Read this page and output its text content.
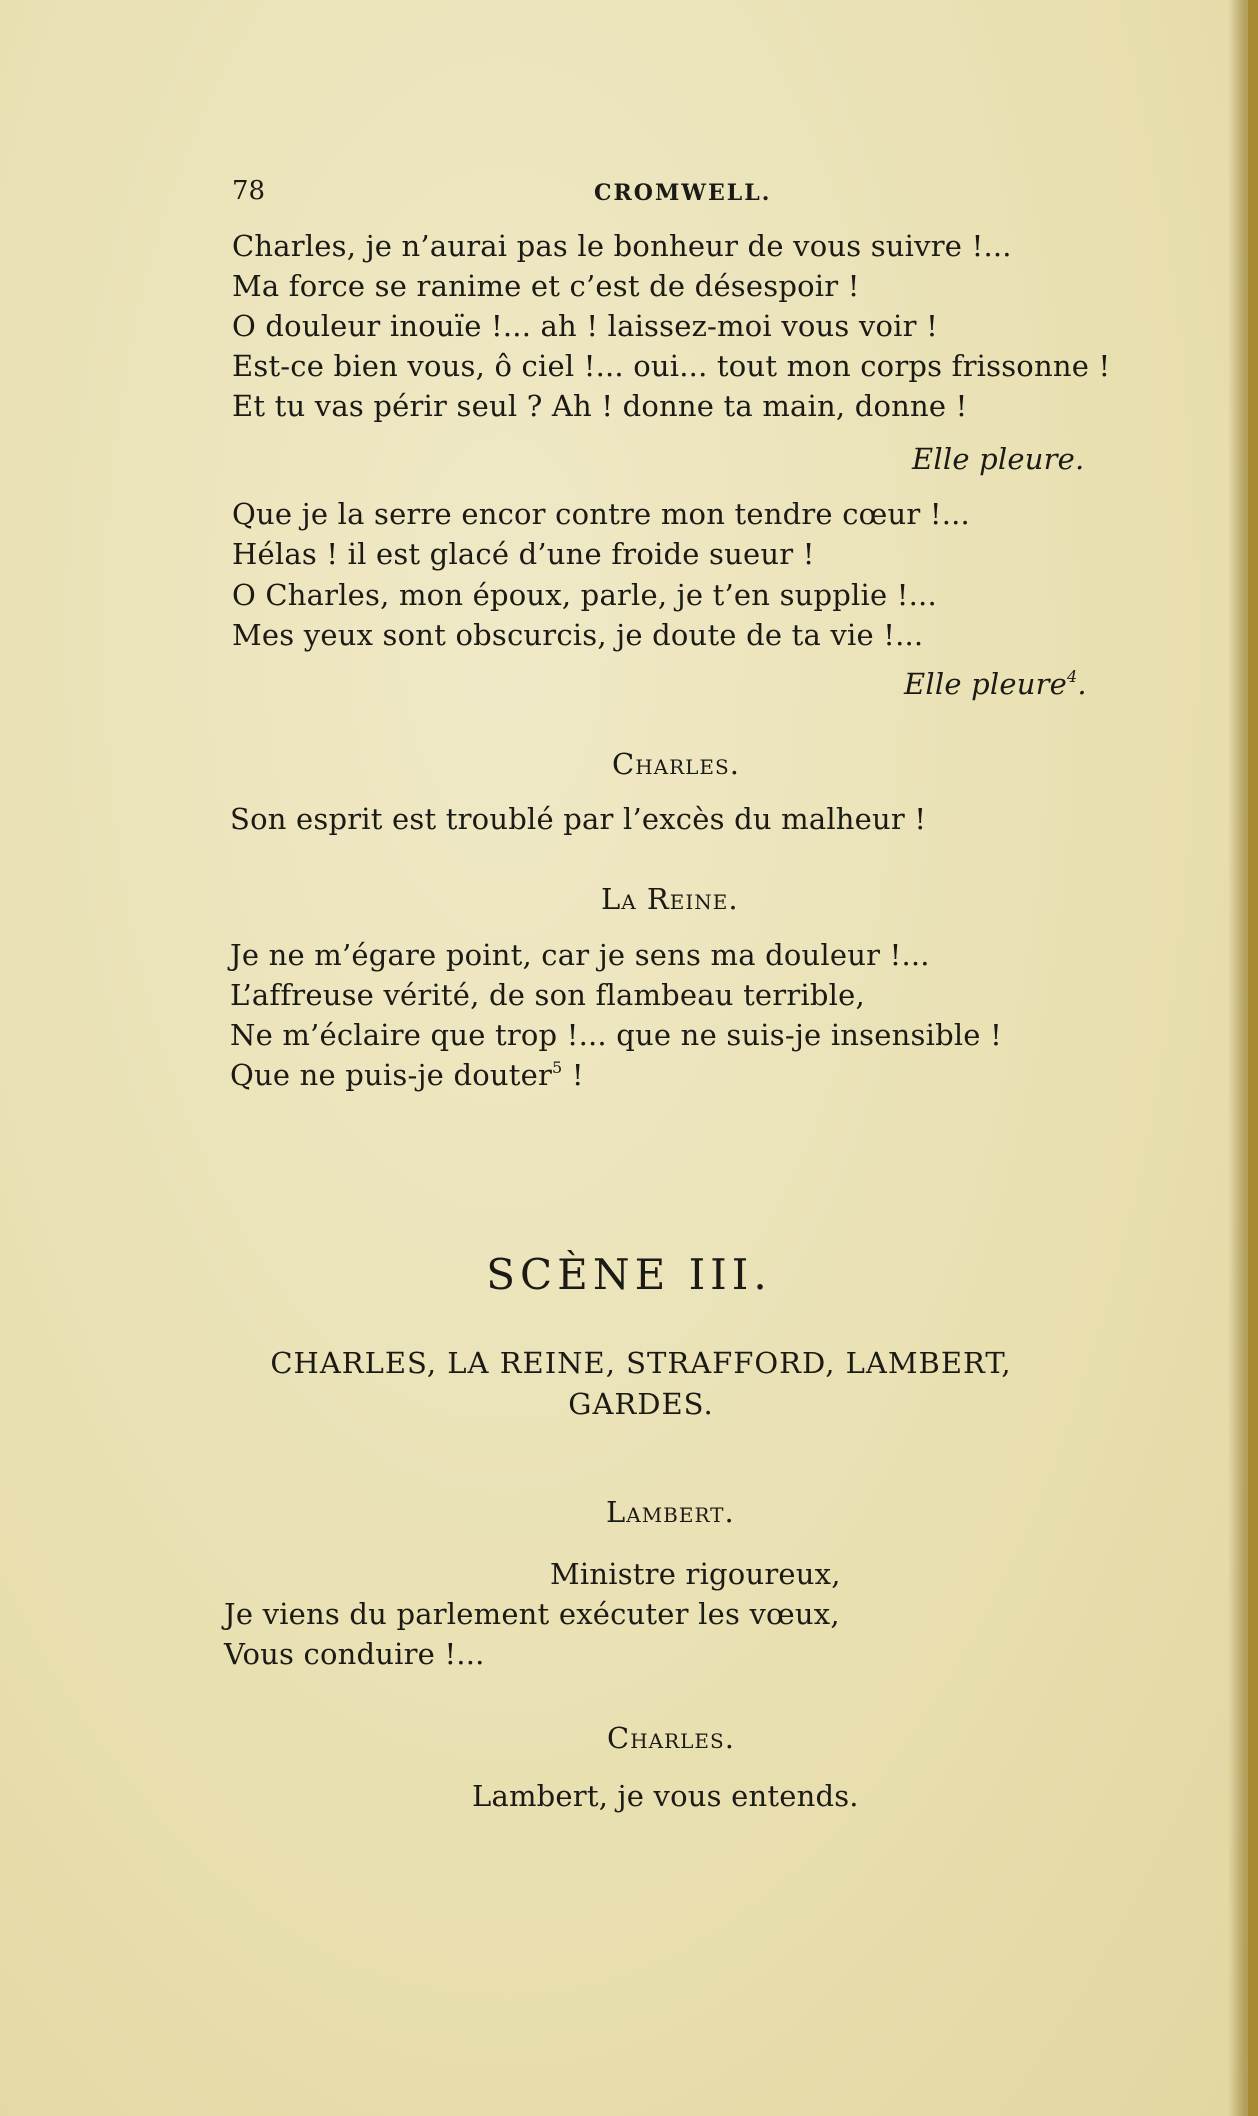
78	CROMWELL.
Charles, je n’aurai pas le bonheur de vous suivre !...
Ma force se ranime et c’est de désespoir !
O douleur inouïe !... ah ! laissez-moi vous voir !
Est-ce bien vous, ô ciel !... oui... tout mon corps frissonne !
Et tu vas périr seul ? Ah ! donne ta main, donne !
Elle pleure.
Que je la serre encor contre mon tendre cœur !...
Hélas ! il est glacé d’une froide sueur !
O Charles, mon époux, parle, je t’en supplie !...
Mes yeux sont obscurcis, je doute de ta vie !...
Elle pleure$^4$.
Charles.
Son esprit est troublé par l’excès du malheur !
La Reine.
Je ne m’égare point, car je sens ma douleur !...
L’affreuse vérité, de son flambeau terrible,
Ne m’éclaire que trop !... que ne suis-je insensible !
Que ne puis-je douter$^5$ !
SCÈNE III.
CHARLES, LA REINE, STRAFFORD, LAMBERT,
GARDES.
Lambert.
Ministre rigoureux,
Je viens du parlement exécuter les vœux,
Vous conduire !...
Charles.
Lambert, je vous entends.
